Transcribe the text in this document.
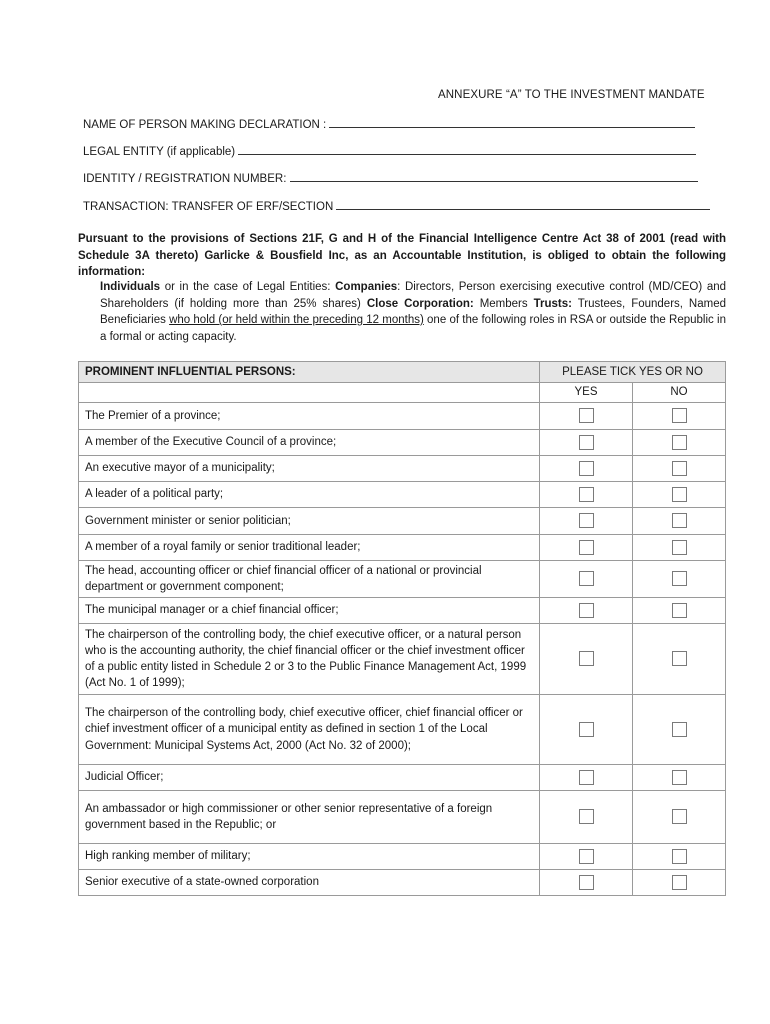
ANNEXURE “A” TO THE INVESTMENT MANDATE
NAME OF PERSON MAKING DECLARATION :
LEGAL ENTITY (if applicable)
IDENTITY / REGISTRATION NUMBER:
TRANSACTION: TRANSFER OF ERF/SECTION
Pursuant to the provisions of Sections 21F, G and H of the Financial Intelligence Centre Act 38 of 2001 (read with Schedule 3A thereto) Garlicke & Bousfield Inc, as an Accountable Institution, is obliged to obtain the following information:
Individuals or in the case of Legal Entities: Companies: Directors, Person exercising executive control (MD/CEO) and Shareholders (if holding more than 25% shares) Close Corporation: Members Trusts: Trustees, Founders, Named Beneficiaries who hold (or held within the preceding 12 months) one of the following roles in RSA or outside the Republic in a formal or acting capacity.
PROMINENT INFLUENTIAL PERSONS:	PLEASE TICK YES OR NO	
	YES	NO
The Premier of a province;		
A member of the Executive Council of a province;		
An executive mayor of a municipality;		
A leader of a political party;		
Government minister or senior politician;		
A member of a royal family or senior traditional leader;		
The head, accounting officer or chief financial officer of a national or provincial department or government component;		
The municipal manager or a chief financial officer;		
The chairperson of the controlling body, the chief executive officer, or a natural person who is the accounting authority, the chief financial officer or the chief investment officer of a public entity listed in Schedule 2 or 3 to the Public Finance Management Act, 1999 (Act No. 1 of 1999);		
The chairperson of the controlling body, chief executive officer, chief financial officer or chief investment officer of a municipal entity as defined in section 1 of the Local Government: Municipal Systems Act, 2000 (Act No. 32 of 2000);		
Judicial Officer;		
An ambassador or high commissioner or other senior representative of a foreign government based in the Republic; or		
High ranking member of military;		
Senior executive of a state-owned corporation		
